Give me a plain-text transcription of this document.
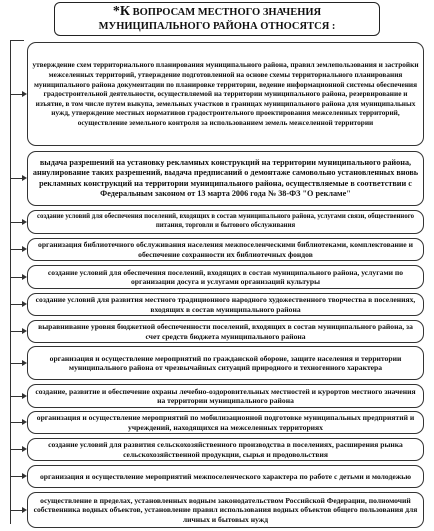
*К ВОПРОСАМ МЕСТНОГО ЗНАЧЕНИЯ
МУНИЦИПАЛЬНОГО РАЙОНА ОТНОСЯТСЯ :
утверждение схем территориального планирования муниципального района, правил землепользования и застройки межселенных территорий, утверждение подготовленной на основе схемы территориального планирования муниципального района документации по планировке территории, ведение информационной системы обеспечения градостроительной деятельности, осуществляемой на территории муниципального района, резервирование и изъятие, в том числе путем выкупа, земельных участков в границах муниципального района для муниципальных нужд, утверждение местных нормативов градостроительного проектирования межселенных территорий, осуществление земельного контроля за использованием земель межселенной территории
выдача разрешений на установку рекламных конструкций на территории муниципального района, аннулирование таких разрешений, выдача предписаний о демонтаже самовольно установленных вновь рекламных конструкций на территории муниципального района, осуществляемые в соответствии с Федеральным законом от 13 марта 2006 года № 38-ФЗ "О рекламе"
создание условий для обеспечения поселений, входящих в состав муниципального района, услугами связи, общественного питания, торговли и бытового обслуживания
организация библиотечного обслуживания населения межпоселенческими библиотеками, комплектование и обеспечение сохранности их библиотечных фондов
создание условий для обеспечения поселений, входящих в состав муниципального района, услугами по организации досуга и услугами организаций культуры
создание условий для развития местного традиционного народного художественного творчества в поселениях, входящих в состав муниципального района
выравнивание уровня бюджетной обеспеченности поселений, входящих в состав муниципального района, за счет средств бюджета муниципального района
организация и осуществление мероприятий по гражданской обороне, защите населения и территории муниципального района от чрезвычайных ситуаций природного и техногенного характера
создание, развитие и обеспечение охраны лечебно-оздоровительных местностей и курортов местного значения на территории муниципального района
организация и осуществление мероприятий по мобилизационной подготовке муниципальных предприятий и учреждений, находящихся на межселенных территориях
создание условий для развития сельскохозяйственного производства в поселениях, расширения рынка сельскохозяйственной продукции, сырья и продовольствия
организация и осуществление мероприятий межпоселенческого характера по работе с детьми и молодежью
осуществление в пределах, установленных водным законодательством Российской Федерации, полномочий собственника водных объектов, установление правил использования водных объектов общего пользования для личных и бытовых нужд
